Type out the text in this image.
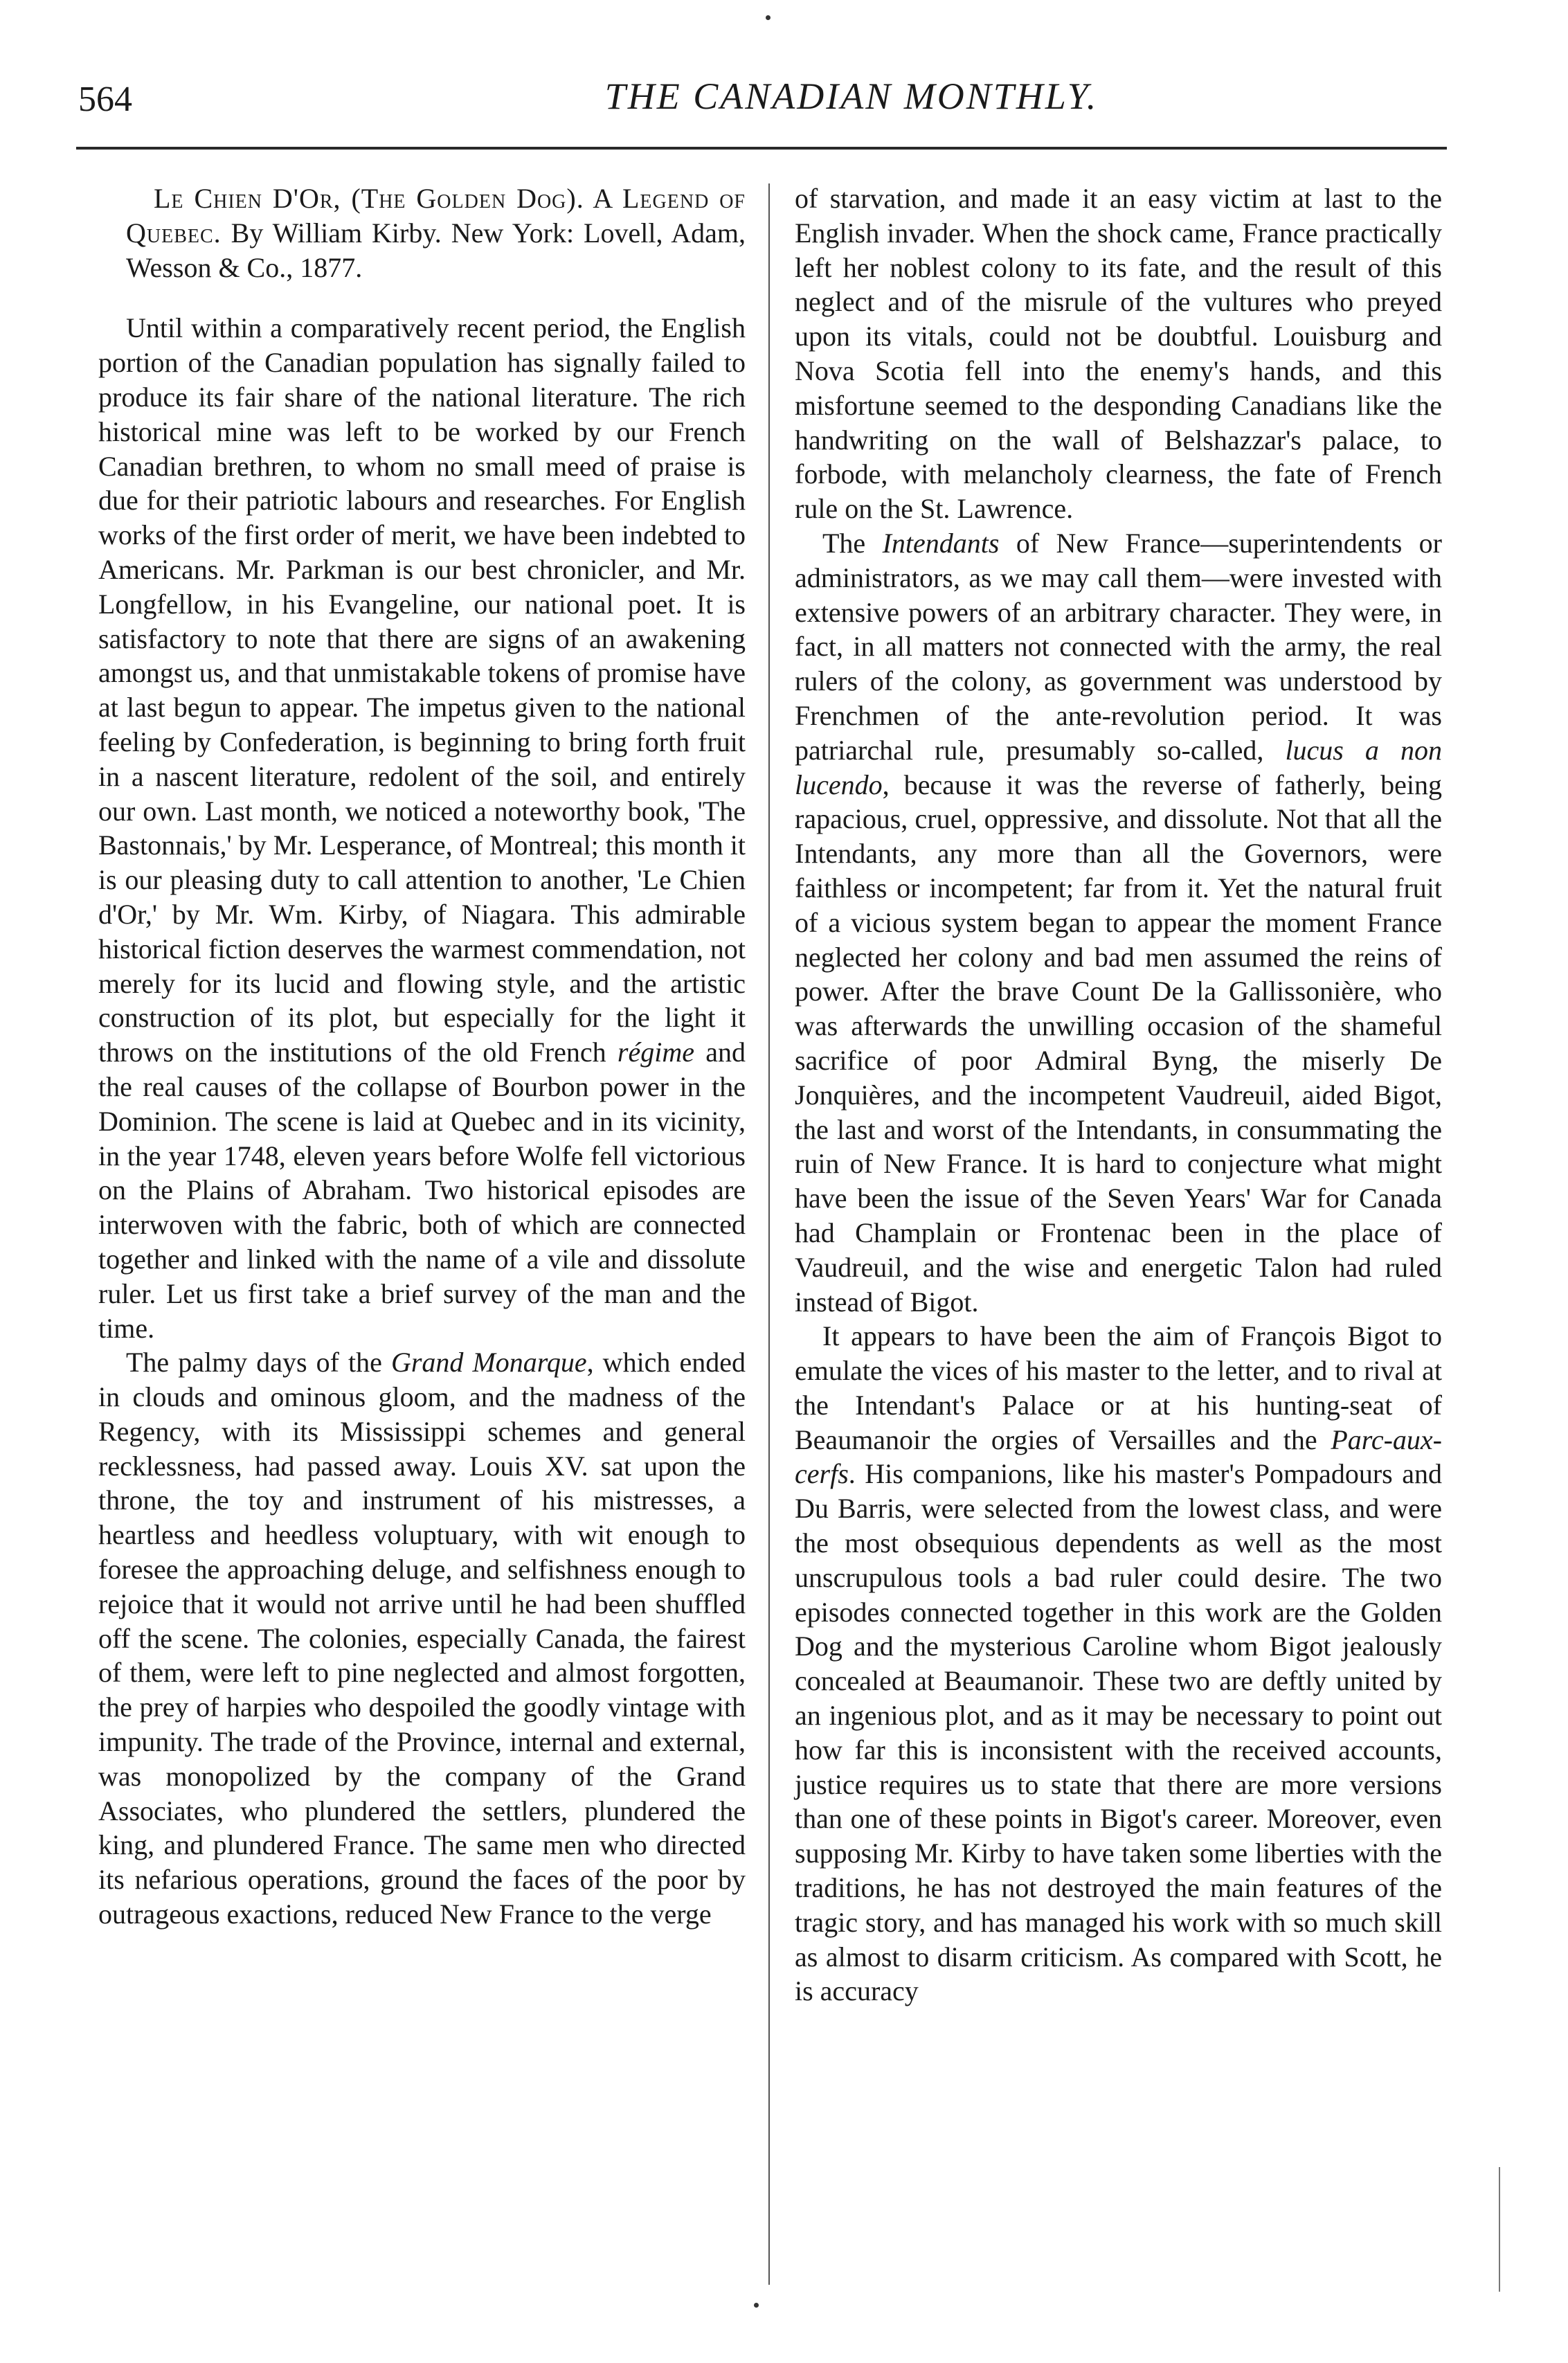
564	THE CANADIAN MONTHLY.

Le Chien D'Or, (The Golden Dog). A Legend of Quebec. By William Kirby. New York: Lovell, Adam, Wesson & Co., 1877.

Until within a comparatively recent period, the English portion of the Canadian population has signally failed to produce its fair share of the national literature. The rich historical mine was left to be worked by our French Canadian brethren, to whom no small meed of praise is due for their patriotic labours and researches. For English works of the first order of merit, we have been indebted to Americans. Mr. Parkman is our best chronicler, and Mr. Longfellow, in his Evangeline, our national poet. It is satisfactory to note that there are signs of an awakening amongst us, and that unmistakable tokens of promise have at last begun to appear. The impetus given to the national feeling by Confederation, is beginning to bring forth fruit in a nascent literature, redolent of the soil, and entirely our own. Last month, we noticed a noteworthy book, 'The Bastonnais,' by Mr. Lesperance, of Montreal; this month it is our pleasing duty to call attention to another, 'Le Chien d'Or,' by Mr. Wm. Kirby, of Niagara. This admirable historical fiction deserves the warmest commendation, not merely for its lucid and flowing style, and the artistic construction of its plot, but especially for the light it throws on the institutions of the old French régime and the real causes of the collapse of Bourbon power in the Dominion. The scene is laid at Quebec and in its vicinity, in the year 1748, eleven years before Wolfe fell victorious on the Plains of Abraham. Two historical episodes are interwoven with the fabric, both of which are connected together and linked with the name of a vile and dissolute ruler. Let us first take a brief survey of the man and the time.

The palmy days of the Grand Monarque, which ended in clouds and ominous gloom, and the madness of the Regency, with its Mississippi schemes and general recklessness, had passed away. Louis XV. sat upon the throne, the toy and instrument of his mistresses, a heartless and heedless voluptuary, with wit enough to foresee the approaching deluge, and selfishness enough to rejoice that it would not arrive until he had been shuffled off the scene. The colonies, especially Canada, the fairest of them, were left to pine neglected and almost forgotten, the prey of harpies who despoiled the goodly vintage with impunity. The trade of the Province, internal and external, was monopolized by the company of the Grand Associates, who plundered the settlers, plundered the king, and plundered France. The same men who directed its nefarious operations, ground the faces of the poor by outrageous exactions, reduced New France to the verge

of starvation, and made it an easy victim at last to the English invader. When the shock came, France practically left her noblest colony to its fate, and the result of this neglect and of the misrule of the vultures who preyed upon its vitals, could not be doubtful. Louisburg and Nova Scotia fell into the enemy's hands, and this misfortune seemed to the desponding Canadians like the handwriting on the wall of Belshazzar's palace, to forbode, with melancholy clearness, the fate of French rule on the St. Lawrence.

The Intendants of New France—superintendents or administrators, as we may call them—were invested with extensive powers of an arbitrary character. They were, in fact, in all matters not connected with the army, the real rulers of the colony, as government was understood by Frenchmen of the ante-revolution period. It was patriarchal rule, presumably so-called, lucus a non lucendo, because it was the reverse of fatherly, being rapacious, cruel, oppressive, and dissolute. Not that all the Intendants, any more than all the Governors, were faithless or incompetent; far from it. Yet the natural fruit of a vicious system began to appear the moment France neglected her colony and bad men assumed the reins of power. After the brave Count De la Gallissonière, who was afterwards the unwilling occasion of the shameful sacrifice of poor Admiral Byng, the miserly De Jonquières, and the incompetent Vaudreuil, aided Bigot, the last and worst of the Intendants, in consummating the ruin of New France. It is hard to conjecture what might have been the issue of the Seven Years' War for Canada had Champlain or Frontenac been in the place of Vaudreuil, and the wise and energetic Talon had ruled instead of Bigot.

It appears to have been the aim of François Bigot to emulate the vices of his master to the letter, and to rival at the Intendant's Palace or at his hunting-seat of Beaumanoir the orgies of Versailles and the Parc-aux-cerfs. His companions, like his master's Pompadours and Du Barris, were selected from the lowest class, and were the most obsequious dependents as well as the most unscrupulous tools a bad ruler could desire. The two episodes connected together in this work are the Golden Dog and the mysterious Caroline whom Bigot jealously concealed at Beaumanoir. These two are deftly united by an ingenious plot, and as it may be necessary to point out how far this is inconsistent with the received accounts, justice requires us to state that there are more versions than one of these points in Bigot's career. Moreover, even supposing Mr. Kirby to have taken some liberties with the traditions, he has not destroyed the main features of the tragic story, and has managed his work with so much skill as almost to disarm criticism. As compared with Scott, he is accuracy
